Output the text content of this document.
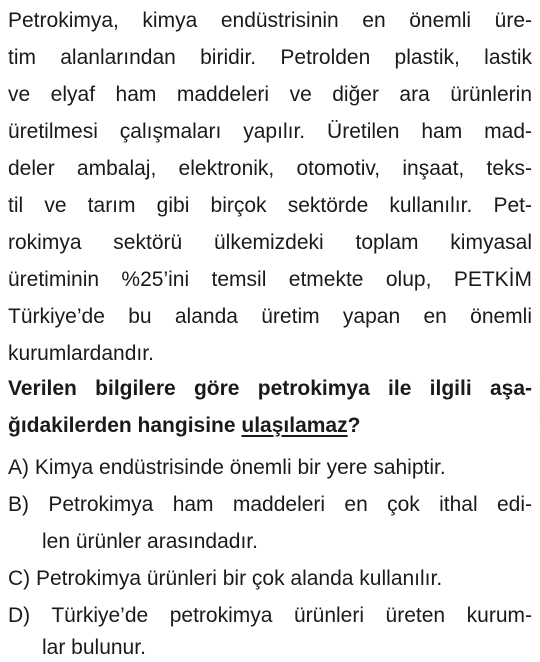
Petrokimya, kimya endüstrisinin en önemli üre-
tim alanlarından biridir. Petrolden plastik, lastik
ve elyaf ham maddeleri ve diğer ara ürünlerin
üretilmesi çalışmaları yapılır. Üretilen ham mad-
deler ambalaj, elektronik, otomotiv, inşaat, teks-
til ve tarım gibi birçok sektörde kullanılır. Pet-
rokimya sektörü ülkemizdeki toplam kimyasal
üretiminin %25’ini temsil etmekte olup, PETKİM
Türkiye’de bu alanda üretim yapan en önemli
kurumlardandır.
Verilen bilgilere göre petrokimya ile ilgili aşa-
ğıdakilerden hangisine ulaşılamaz?
A) Kimya endüstrisinde önemli bir yere sahiptir.
B) Petrokimya ham maddeleri en çok ithal edi-
len ürünler arasındadır.
C) Petrokimya ürünleri bir çok alanda kullanılır.
D) Türkiye’de petrokimya ürünleri üreten kurum-
lar bulunur.
